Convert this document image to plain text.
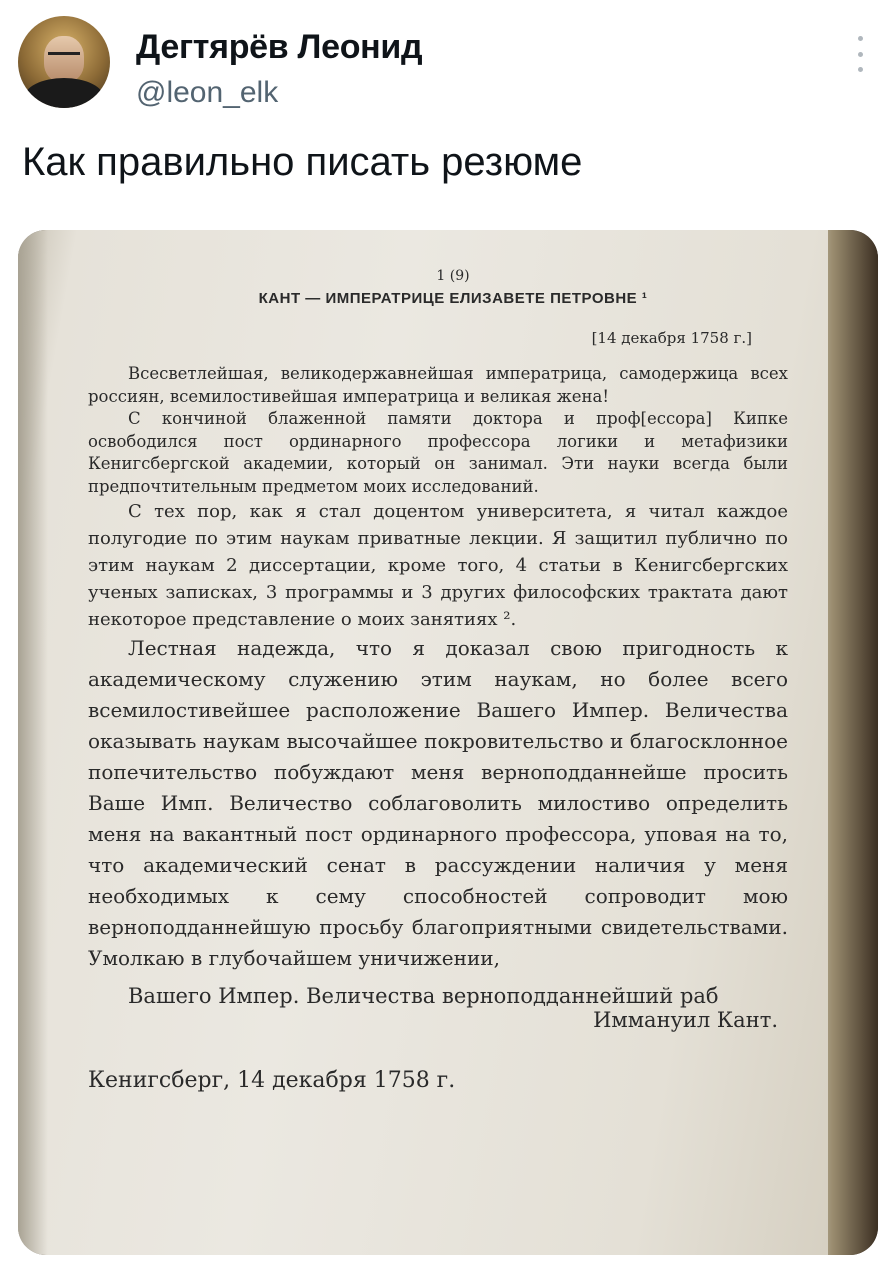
Дегтярёв Леонид
@leon_elk
Как правильно писать резюме
1 (9)
КАНТ — ИМПЕРАТРИЦЕ ЕЛИЗАВЕТЕ ПЕТРОВНЕ ¹
[14 декабря 1758 г.]

Всесветлейшая, великодержавнейшая императрица, самодержица всех россиян, всемилостивейшая императрица и великая жена!

С кончиной блаженной памяти доктора и проф[ессора] Кипке освободился пост ординарного профессора логики и метафизики Кенигсбергской академии, который он занимал. Эти науки всегда были предпочтительным предметом моих исследований.

С тех пор, как я стал доцентом университета, я читал каждое полугодие по этим наукам приватные лекции. Я защитил публично по этим наукам 2 диссертации, кроме того, 4 статьи в Кенигсбергских ученых записках, 3 программы и 3 других философских трактата дают некоторое представление о моих занятиях ².

Лестная надежда, что я доказал свою пригодность к академическому служению этим наукам, но более всего всемилостивейшее расположение Вашего Импер. Величества оказывать наукам высочайшее покровительство и благосклонное попечительство побуждают меня верноподданнейше просить Ваше Имп. Величество соблаговолить милостиво определить меня на вакантный пост ординарного профессора, уповая на то, что академический сенат в рассуждении наличия у меня необходимых к сему способностей сопроводит мою верноподданнейшую просьбу благоприятными свидетельствами. Умолкаю в глубочайшем уничижении,

Вашего Импер. Величества верноподданнейший раб
Иммануил Кант.
Кенигсберг, 14 декабря 1758 г.
